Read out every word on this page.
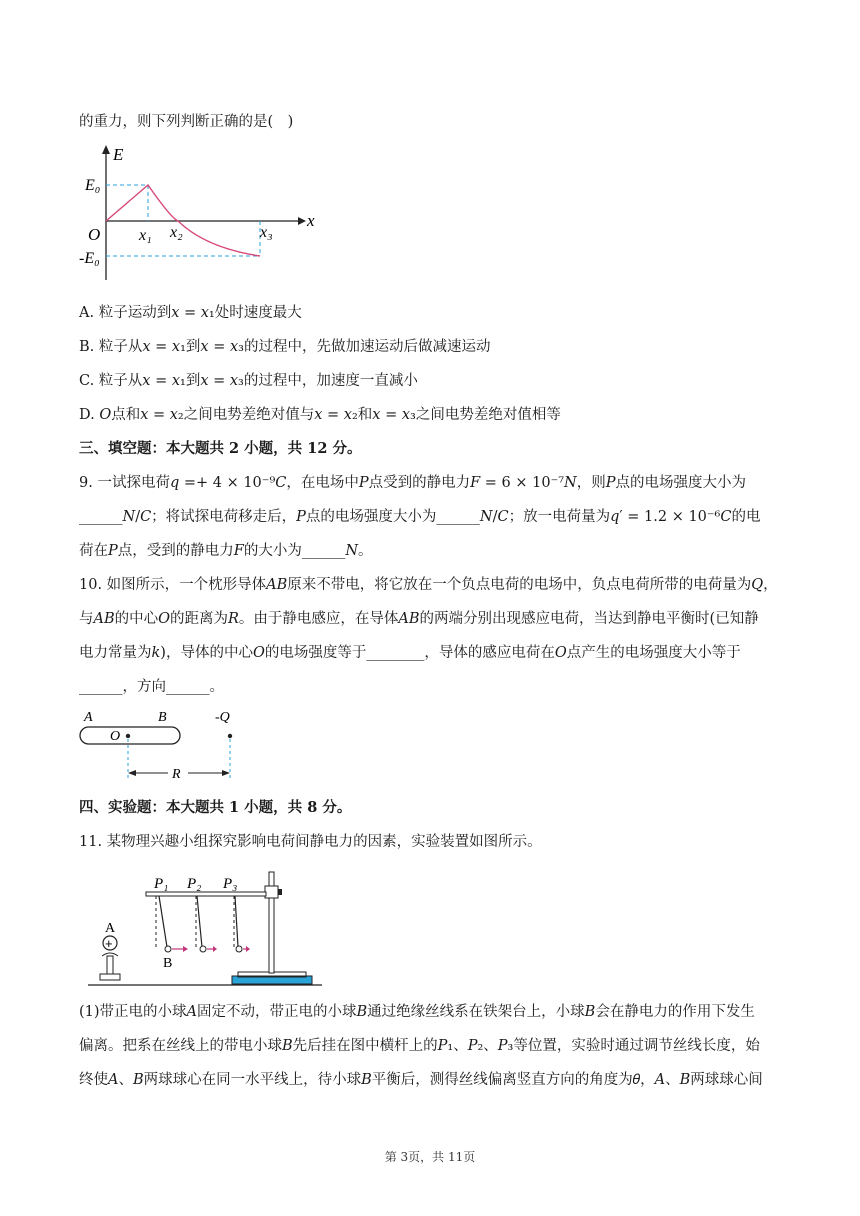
的重力，则下列判断正确的是(　)
E
E₀
O
x
x₁ x₂	x₃
-E₀
A. 粒子运动到𝑥 = 𝑥₁处时速度最大
B. 粒子从𝑥 = 𝑥₁到𝑥 = 𝑥₃的过程中，先做加速运动后做减速运动
C. 粒子从𝑥 = 𝑥₁到𝑥 = 𝑥₃的过程中，加速度一直减小
D. 𝑂点和𝑥 = 𝑥₂之间电势差绝对值与𝑥 = 𝑥₂和𝑥 = 𝑥₃之间电势差绝对值相等
三、填空题：本大题共 2 小题，共 12 分。
9. 一试探电荷𝑞 =+ 4 × 10⁻⁹𝐶，在电场中𝑃点受到的静电力𝐹 = 6 × 10⁻⁷𝑁，则𝑃点的电场强度大小为
______𝑁/𝐶；将试探电荷移走后，𝑃点的电场强度大小为______𝑁/𝐶；放一电荷量为𝑞′ = 1.2 × 10⁻⁶𝐶的电
荷在𝑃点，受到的静电力𝐹的大小为______𝑁。
10. 如图所示，一个枕形导体𝐴𝐵原来不带电，将它放在一个负点电荷的电场中，负点电荷所带的电荷量为𝑄，
与𝐴𝐵的中心𝑂的距离为𝑅。由于静电感应，在导体𝐴𝐵的两端分别出现感应电荷，当达到静电平衡时(已知静
电力常量为𝑘)，导体的中心𝑂的电场强度等于________，导体的感应电荷在𝑂点产生的电场强度大小等于
______，方向______。
A	B
O
-Q
R
四、实验题：本大题共 1 小题，共 8 分。
11. 某物理兴趣小组探究影响电荷间静电力的因素，实验装置如图所示。
+
P₁ P₂ P₃
A
B
(1)带正电的小球𝐴固定不动，带正电的小球𝐵通过绝缘丝线系在铁架台上，小球𝐵会在静电力的作用下发生
偏离。把系在丝线上的带电小球𝐵先后挂在图中横杆上的𝑃₁、𝑃₂、𝑃₃等位置，实验时通过调节丝线长度，始
终使𝐴、𝐵两球球心在同一水平线上，待小球𝐵平衡后，测得丝线偏离竖直方向的角度为𝜃，𝐴、𝐵两球球心间
第 3页，共 11页
